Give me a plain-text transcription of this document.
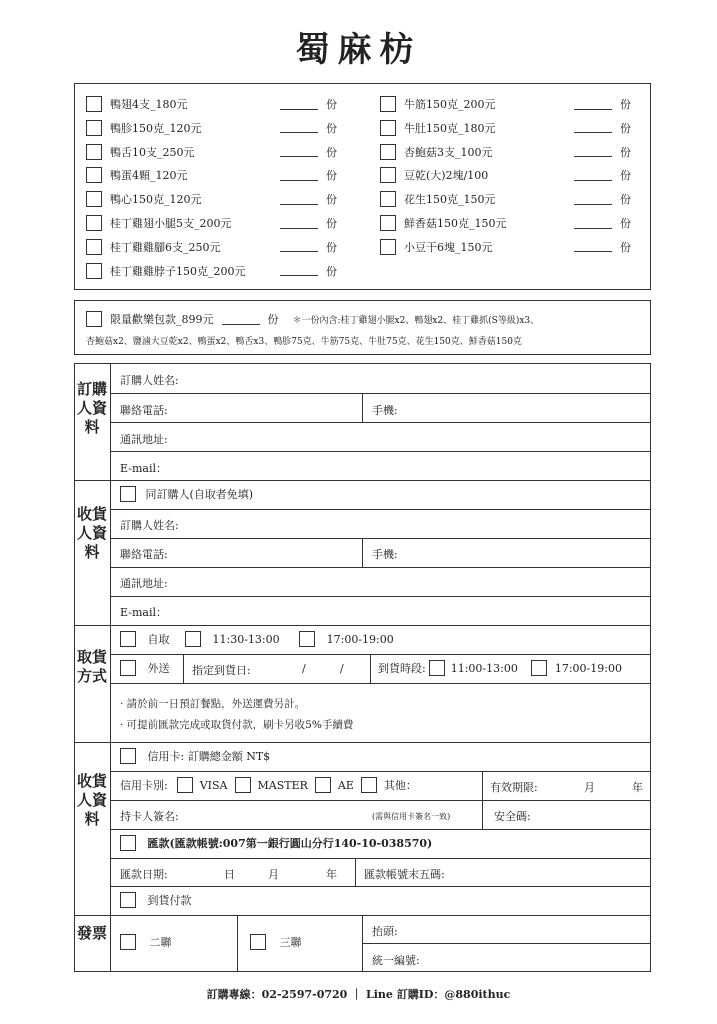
蜀麻枋
鴨翅4支_180元	份
鴨胗150克_120元	份
鴨舌10支_250元	份
鴨蛋4顆_120元	份
鴨心150克_120元	份
桂丁雞翅小腿5支_200元	份
桂丁雞雞腳6支_250元	份
桂丁雞雞脖子150克_200元	份
牛筋150克_200元	份
牛肚150克_180元	份
杏鮑菇3支_100元	份
豆乾(大)2塊/100	份
花生150克_150元	份
鮮香菇150克_150元	份
小豆干6塊_150元	份
限量歡樂包款_899元	份 ＊一份內含:桂丁雞翅小腿x2、鴨翅x2、桂丁雞抓(S等級)x3、
杏鮑菇x2、鹽滷大豆乾x2、鴨蛋x2、鴨舌x3、鴨胗75克、牛筋75克、牛肚75克、花生150克、鮮香菇150克
訂購人資料
訂購人姓名:
聯絡電話:	手機:
通訊地址:
E-mail：
收貨人資料
同訂購人(自取者免填)
訂購人姓名:
聯絡電話:	手機:
通訊地址:
E-mail：
取貨方式
自取	11:30-13:00	17:00-19:00
外送 指定到貨日:	/	/	到貨時段: 11:00-13:00	17:00-19:00
· 請於前一日預訂餐點，外送運費另計。
· 可提前匯款完成或取貨付款，刷卡另收5%手續費
收貨人資料
信用卡: 訂購總金額 NT$
信用卡別:	VISA	MASTER	AE	其他：	有效期限:	月	年
持卡人簽名:	(需與信用卡簽名一致)	安全碼:
匯款(匯款帳號:007第一銀行圓山分行140-10-038570)
匯款日期:	日	月	年 匯款帳號末五碼:
到貨付款
發票
二聯	三聯
抬頭:
統一編號:
訂購專線：02-2597-0720 ｜ Line 訂購ID：@880ithuc
